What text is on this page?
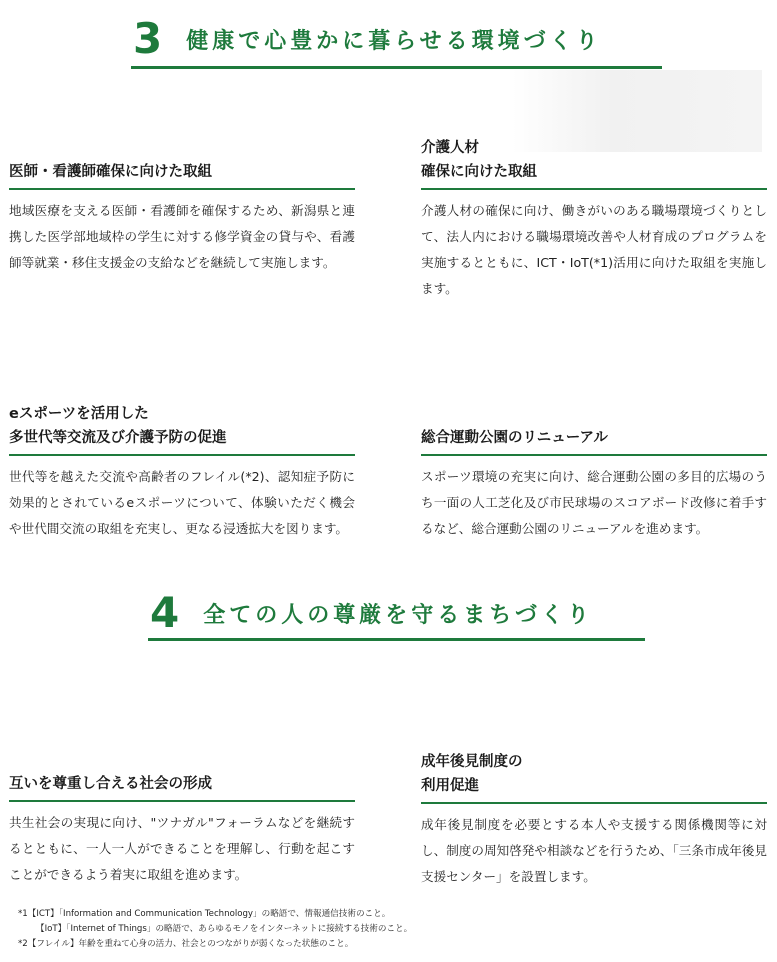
3 健康で心豊かに暮らせる環境づくり
医師・看護師確保に向けた取組
地域医療を支える医師・看護師を確保するため、新潟県と連携した医学部地域枠の学生に対する修学資金の貸与や、看護師等就業・移住支援金の支給などを継続して実施します。
介護人材
確保に向けた取組
介護人材の確保に向け、働きがいのある職場環境づくりとして、法人内における職場環境改善や人材育成のプログラムを実施するとともに、ICT・IoT(*1)活用に向けた取組を実施します。
eスポーツを活用した
多世代等交流及び介護予防の促進
世代等を越えた交流や高齢者のフレイル(*2)、認知症予防に効果的とされているeスポーツについて、体験いただく機会や世代間交流の取組を充実し、更なる浸透拡大を図ります。
総合運動公園のリニューアル
スポーツ環境の充実に向け、総合運動公園の多目的広場のうち一面の人工芝化及び市民球場のスコアボード改修に着手するなど、総合運動公園のリニューアルを進めます。
4 全ての人の尊厳を守るまちづくり
互いを尊重し合える社会の形成
共生社会の実現に向け、"ツナガル"フォーラムなどを継続するとともに、一人一人ができることを理解し、行動を起こすことができるよう着実に取組を進めます。
成年後見制度の
利用促進
成年後見制度を必要とする本人や支援する関係機関等に対し、制度の周知啓発や相談などを行うため、「三条市成年後見支援センター」を設置します。
*1【ICT】「Information and Communication Technology」の略語で、情報通信技術のこと。
【IoT】「Internet of Things」の略語で、あらゆるモノをインターネットに接続する技術のこと。
*2【フレイル】年齢を重ねて心身の活力、社会とのつながりが弱くなった状態のこと。
